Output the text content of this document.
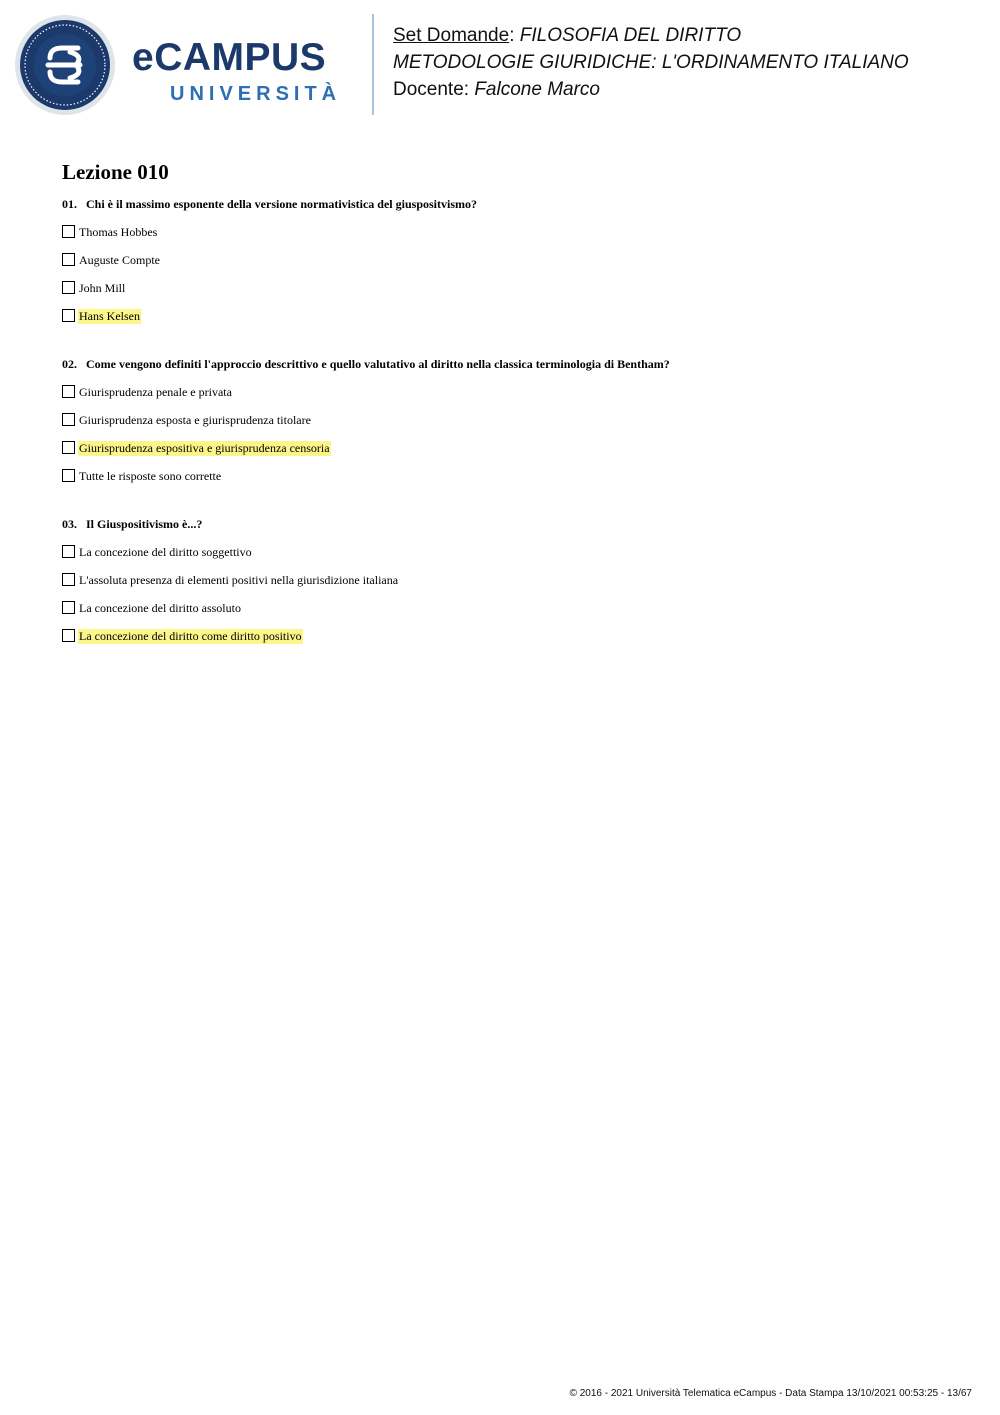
eCAMPUS
UNIVERSITÀ
Set Domande: FILOSOFIA DEL DIRITTO
METODOLOGIE GIURIDICHE: L'ORDINAMENTO ITALIANO
Docente: Falcone Marco
Lezione 010
01. Chi è il massimo esponente della versione normativistica del giuspositvismo?
Thomas Hobbes
Auguste Compte
John Mill
Hans Kelsen
02. Come vengono definiti l'approccio descrittivo e quello valutativo al diritto nella classica terminologia di Bentham?
Giurisprudenza penale e privata
Giurisprudenza esposta e giurisprudenza titolare
Giurisprudenza espositiva e giurisprudenza censoria
Tutte le risposte sono corrette
03. Il Giuspositivismo è...?
La concezione del diritto soggettivo
L'assoluta presenza di elementi positivi nella giurisdizione italiana
La concezione del diritto assoluto
La concezione del diritto come diritto positivo
© 2016 - 2021 Università Telematica eCampus - Data Stampa 13/10/2021 00:53:25 - 13/67
